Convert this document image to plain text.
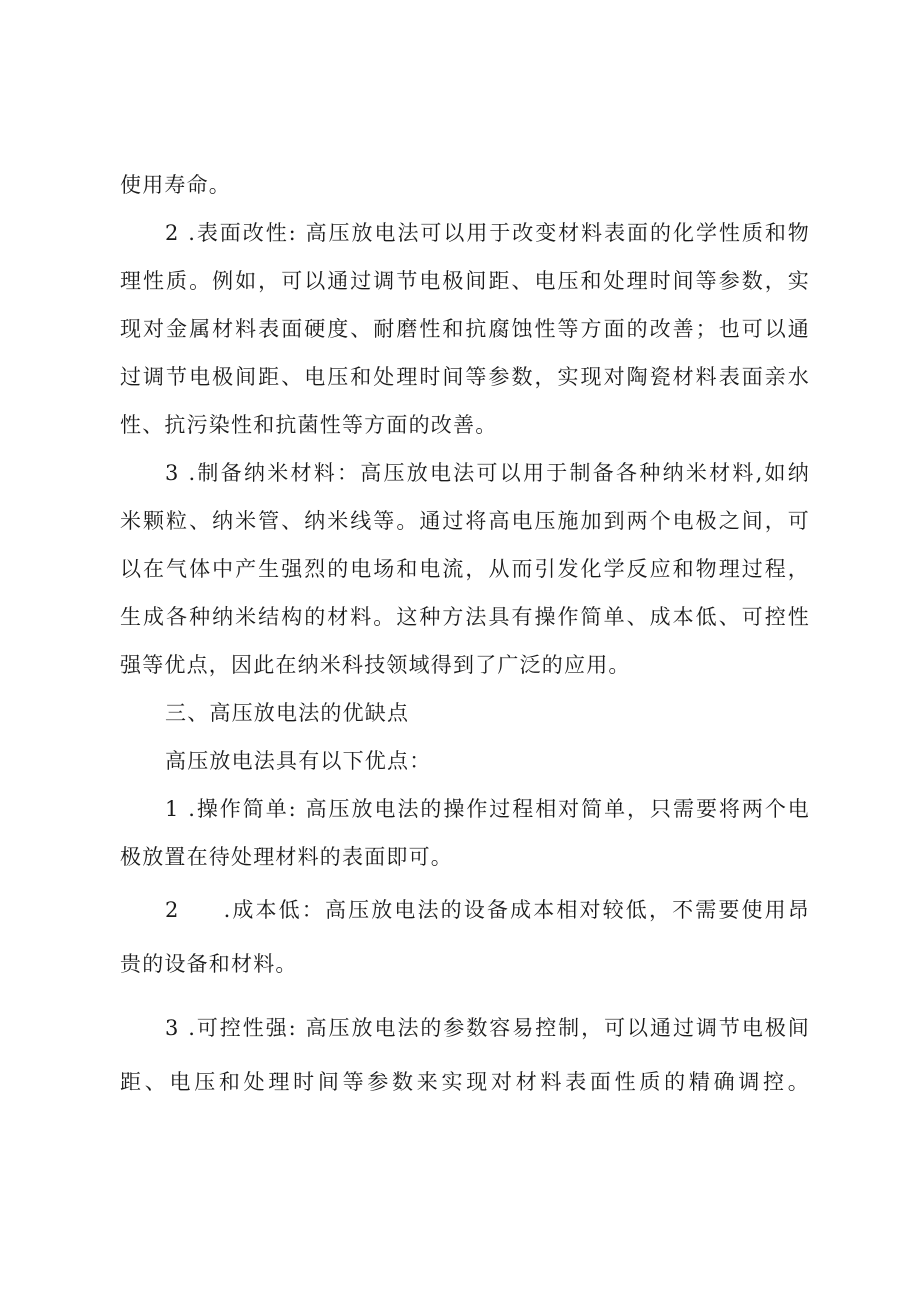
使用寿命。
2 .表面改性: 高压放电法可以用于改变材料表面的化学性质和物
理性质。例如，可以通过调节电极间距、电压和处理时间等参数，实
现对金属材料表面硬度、耐磨性和抗腐蚀性等方面的改善；也可以通
过调节电极间距、电压和处理时间等参数，实现对陶瓷材料表面亲水
性、抗污染性和抗菌性等方面的改善。
3 .制备纳米材料：高压放电法可以用于制备各种纳米材料,如纳
米颗粒、纳米管、纳米线等。通过将高电压施加到两个电极之间，可
以在气体中产生强烈的电场和电流，从而引发化学反应和物理过程，
生成各种纳米结构的材料。这种方法具有操作简单、成本低、可控性
强等优点，因此在纳米科技领域得到了广泛的应用。
三、高压放电法的优缺点
高压放电法具有以下优点：
1 .操作简单: 高压放电法的操作过程相对简单，只需要将两个电
极放置在待处理材料的表面即可。
2 .成本低：高压放电法的设备成本相对较低，不需要使用昂
贵的设备和材料。
3 .可控性强: 高压放电法的参数容易控制，可以通过调节电极间
距、电压和处理时间等参数来实现对材料表面性质的精确调控。
